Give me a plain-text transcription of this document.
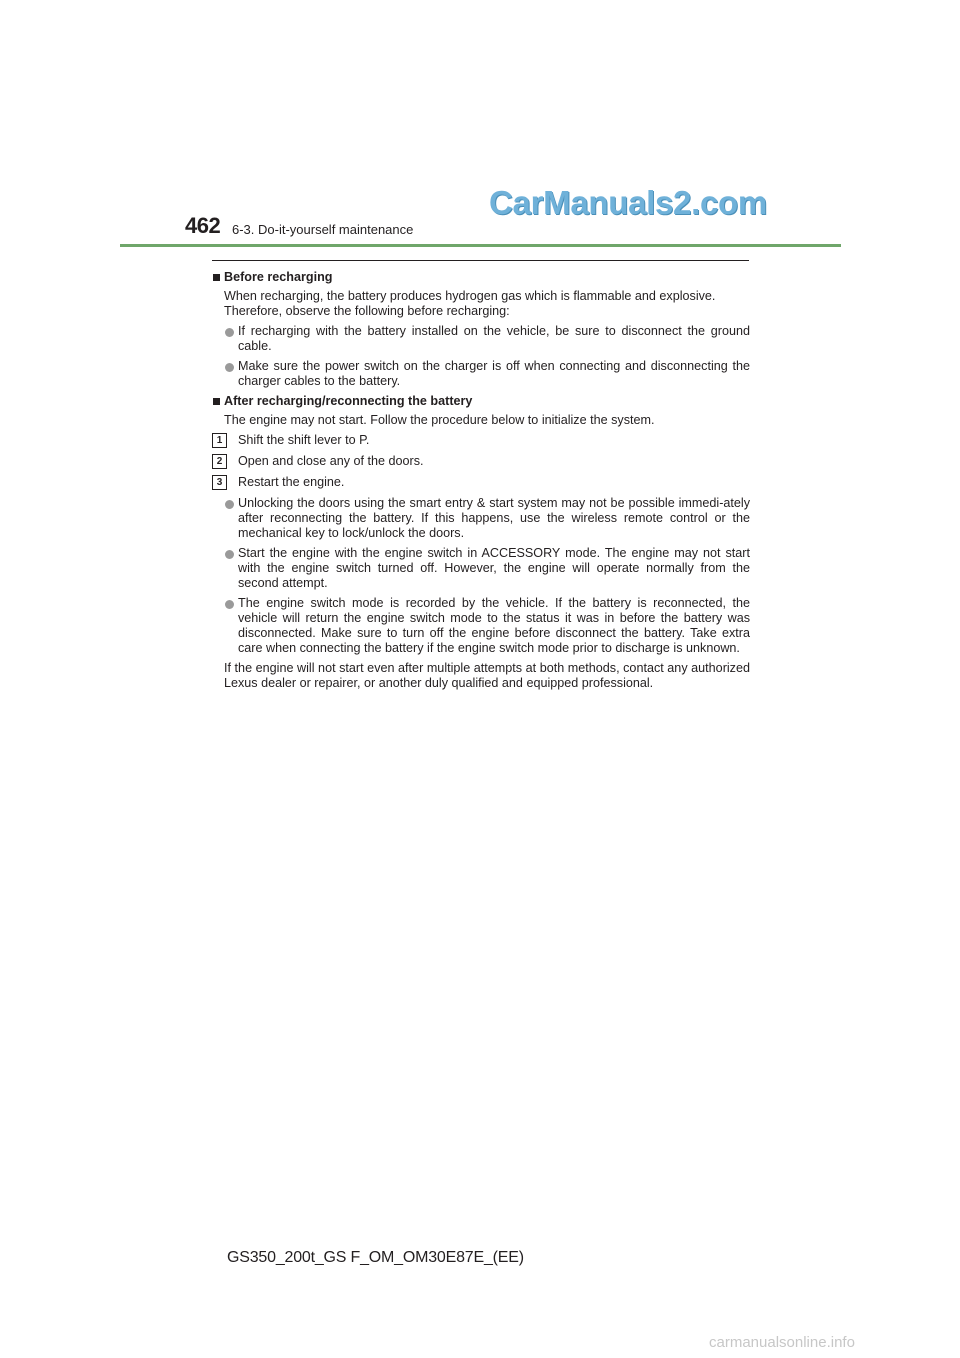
CarManuals2.com
462 6-3. Do-it-yourself maintenance
Before recharging
When recharging, the battery produces hydrogen gas which is flammable and explosive. Therefore, observe the following before recharging:
If recharging with the battery installed on the vehicle, be sure to disconnect the ground cable.
Make sure the power switch on the charger is off when connecting and disconnecting the charger cables to the battery.
After recharging/reconnecting the battery
The engine may not start. Follow the procedure below to initialize the system.
1	Shift the shift lever to P.
2	Open and close any of the doors.
3	Restart the engine.
Unlocking the doors using the smart entry & start system may not be possible immedi-ately after reconnecting the battery. If this happens, use the wireless remote control or the mechanical key to lock/unlock the doors.
Start the engine with the engine switch in ACCESSORY mode. The engine may not start with the engine switch turned off. However, the engine will operate normally from the second attempt.
The engine switch mode is recorded by the vehicle. If the battery is reconnected, the vehicle will return the engine switch mode to the status it was in before the battery was disconnected. Make sure to turn off the engine before disconnect the battery. Take extra care when connecting the battery if the engine switch mode prior to discharge is unknown.
If the engine will not start even after multiple attempts at both methods, contact any authorized Lexus dealer or repairer, or another duly qualified and equipped professional.
GS350_200t_GS F_OM_OM30E87E_(EE)
carmanualsonline.info
